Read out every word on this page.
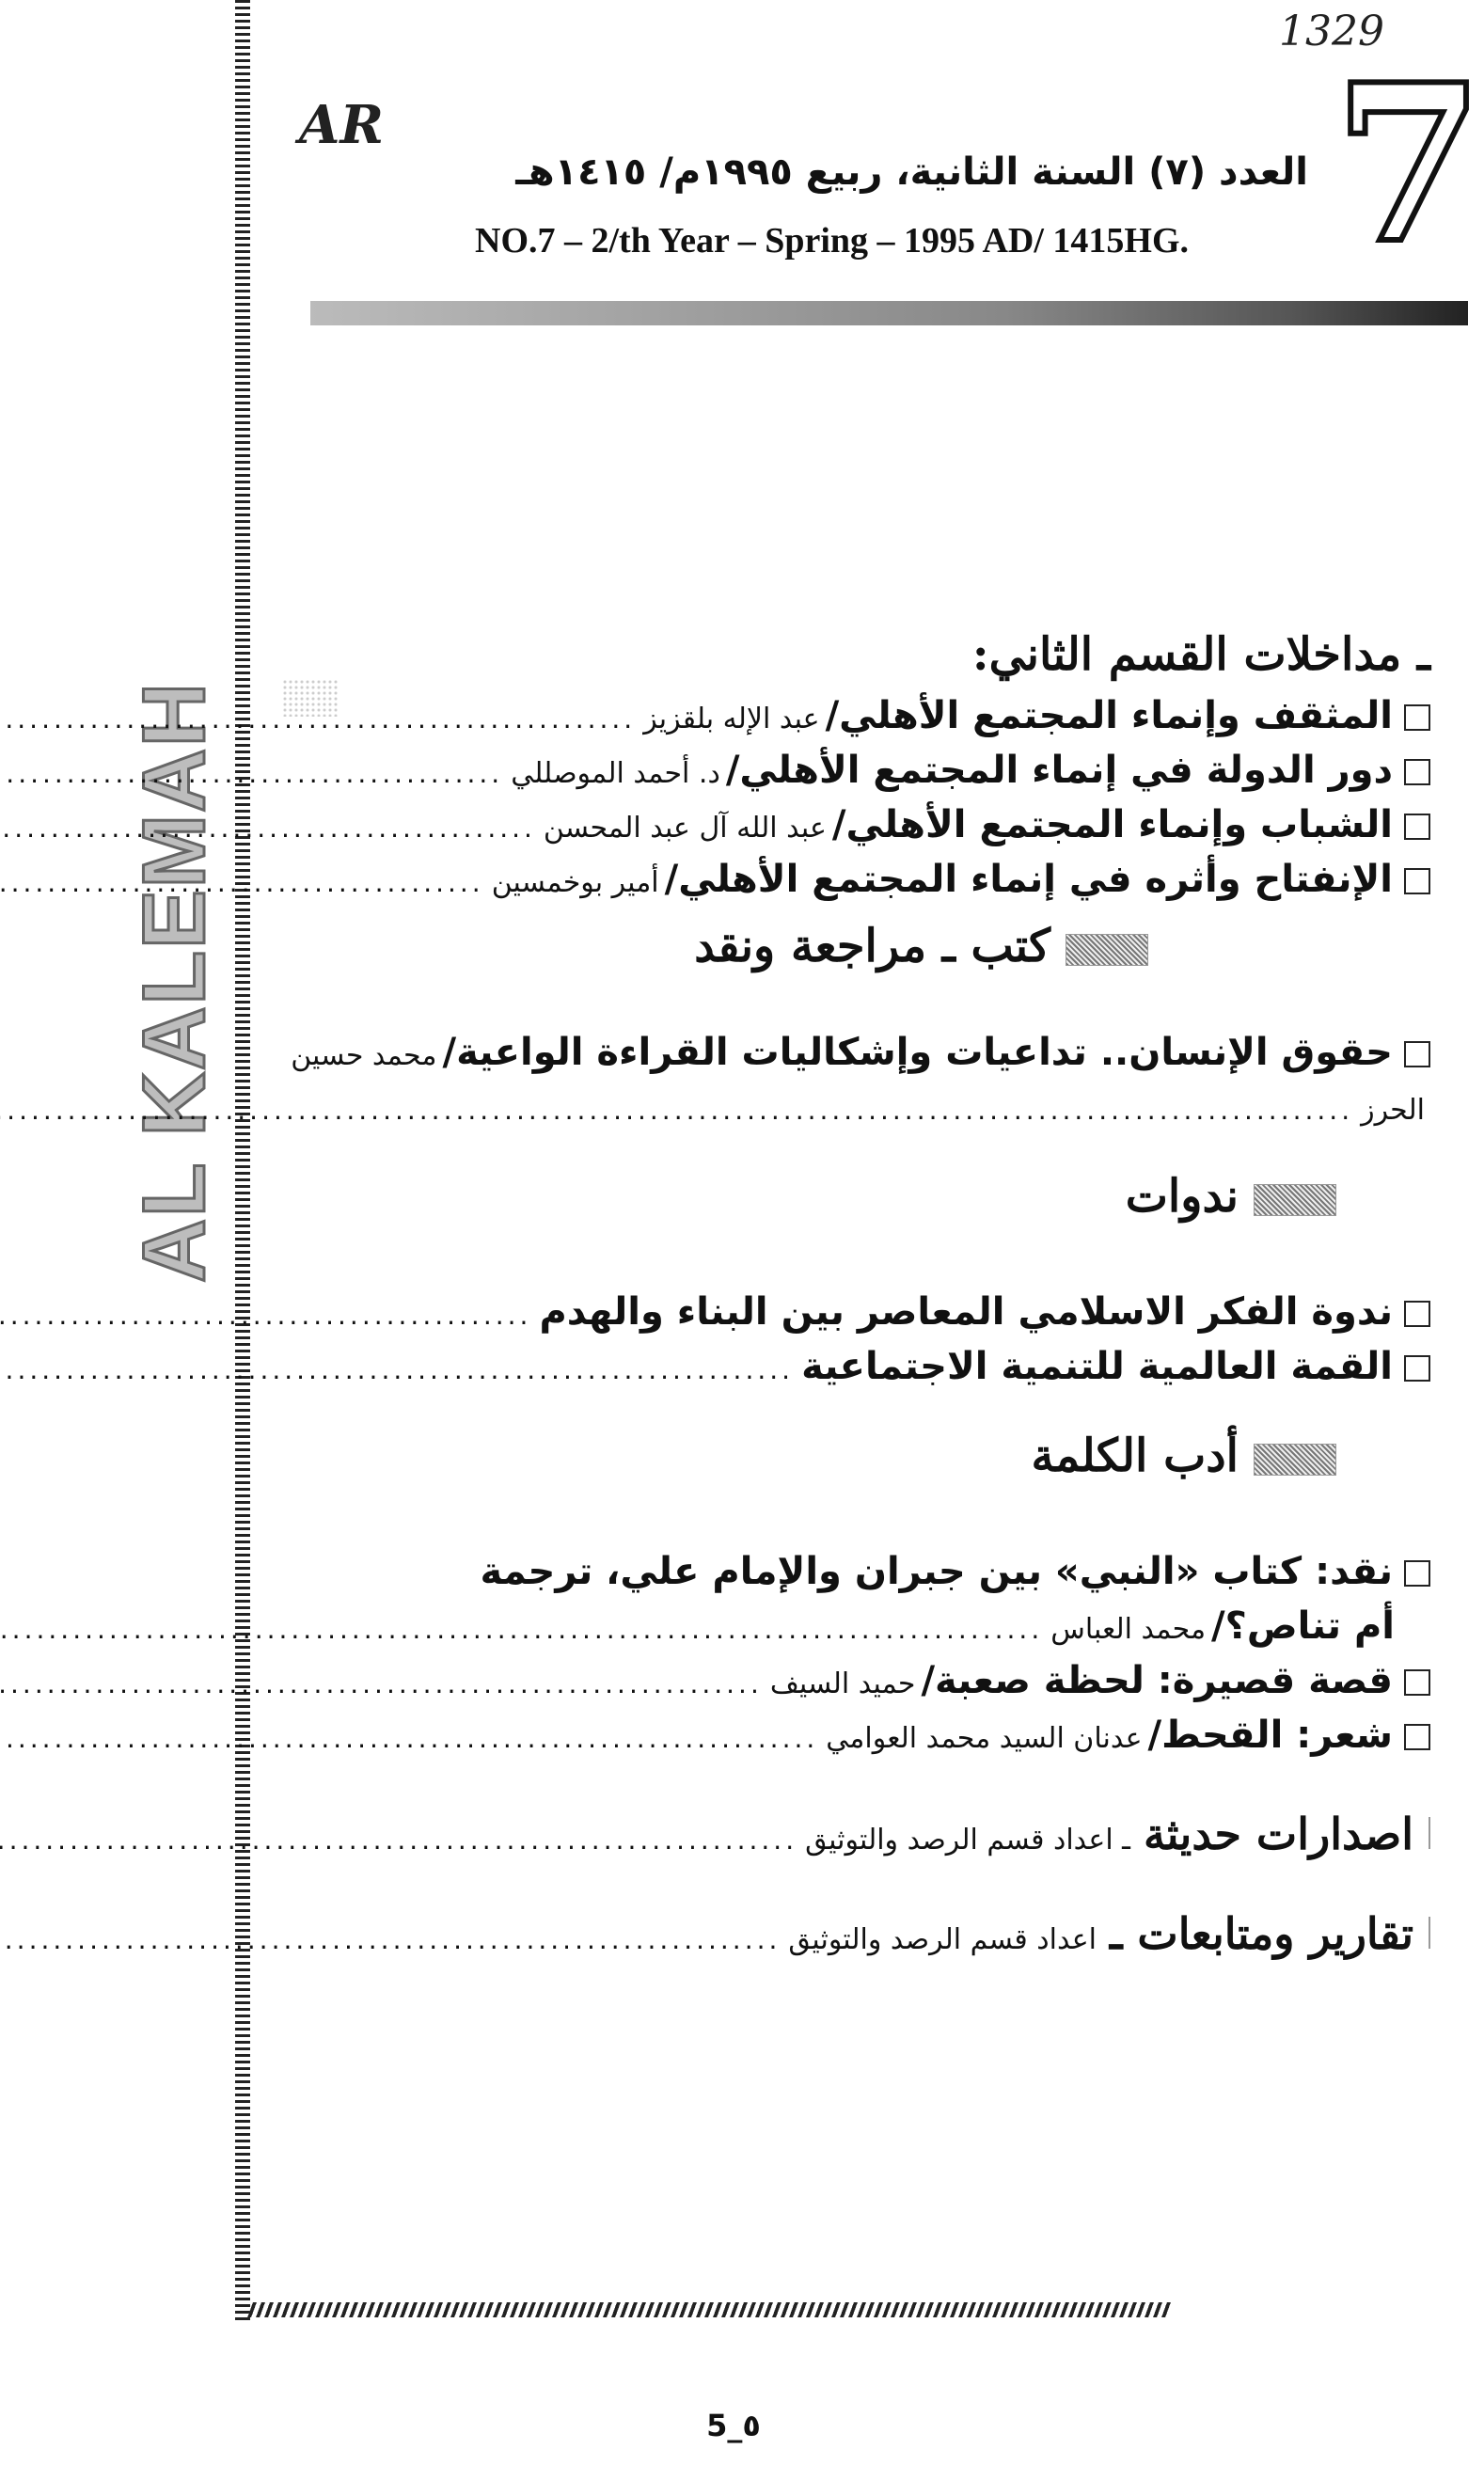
1329
AR	7
العدد (٧) السنة الثانية، ربيع ١٩٩٥م/ ١٤١٥هـ
NO.7 – 2/th Year – Spring – 1995 AD/ 1415HG.
AL KALEMAH
ـ مداخلات القسم الثاني:
المثقف وإنماء المجتمع الأهلي/
عبد الإله بلقزيز
.....
دور الدولة في إنماء المجتمع الأهلي/
د. أحمد الموصللي
.....
الشباب وإنماء المجتمع الأهلي/
عبد الله آل عبد المحسن
.....
الإنفتاح وأثره في إنماء المجتمع الأهلي/
أمير بوخمسين
.....
كتب ـ مراجعة ونقد
حقوق الإنسان.. تداعيات وإشكاليات القراءة الواعية/
محمد حسين
الحرز
.....
ندوات
ندوة الفكر الاسلامي المعاصر بين البناء والهدم
.....
القمة العالمية للتنمية الاجتماعية
.....
أدب الكلمة
نقد: كتاب «النبي» بين جبران والإمام علي، ترجمة
أم تناص؟/
محمد العباس
.....
قصة قصيرة: لحظة صعبة/
حميد السيف
.....
شعر: القحط/
عدنان السيد محمد العوامي
.....
اصدارات حديثة
ـ اعداد قسم الرصد والتوثيق
.....
تقارير ومتابعات ـ
اعداد قسم الرصد والتوثيق
.....
5_٥
